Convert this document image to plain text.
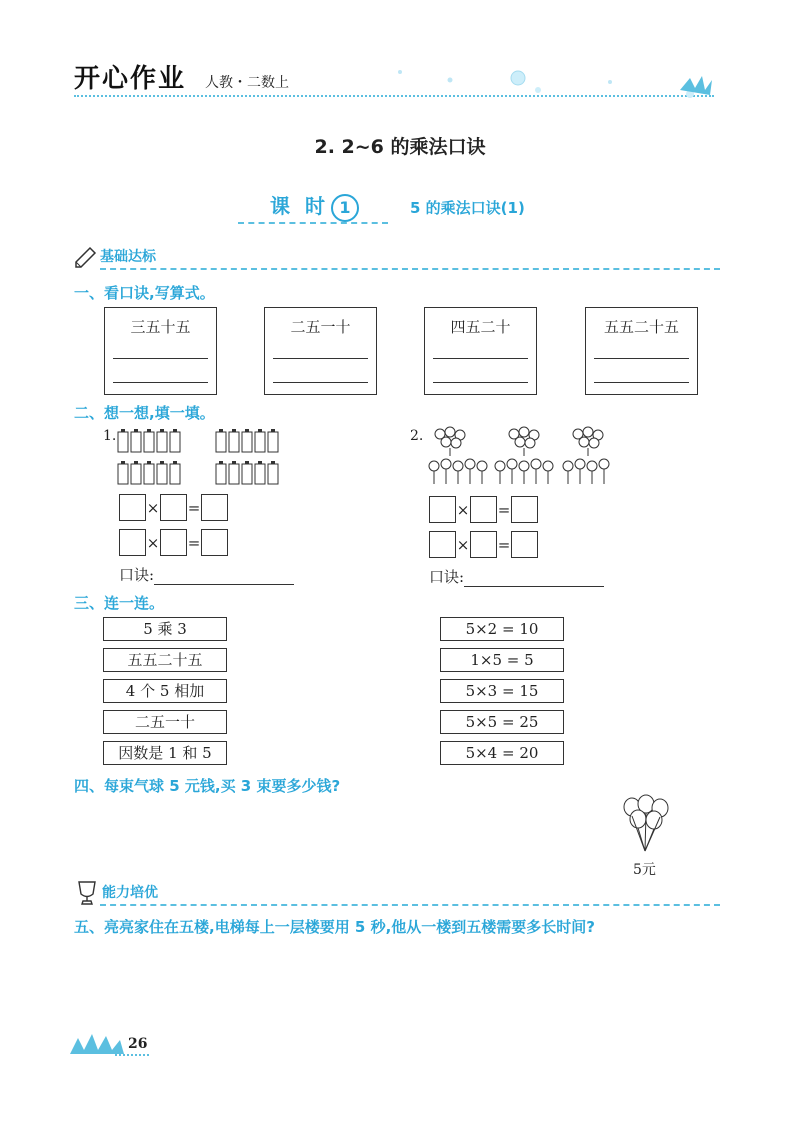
开心作业 人教・二数上
2. 2~6 的乘法口诀
课 时 1	5 的乘法口诀(1)
基础达标
一、看口诀,写算式。
三五十五	二五一十	四五二十	五五二十五
二、想一想,填一填。
1.
× =
× =
口诀:
2.
× =
× =
口诀:
三、连一连。
5 乘 3
五五二十五
4 个 5 相加
二五一十
因数是 1 和 5
5×2 = 10
1×5 = 5
5×3 = 15
5×5 = 25
5×4 = 20
四、每束气球 5 元钱,买 3 束要多少钱?
5元
能力培优
五、亮亮家住在五楼,电梯每上一层楼要用 5 秒,他从一楼到五楼需要多长时间?
26
